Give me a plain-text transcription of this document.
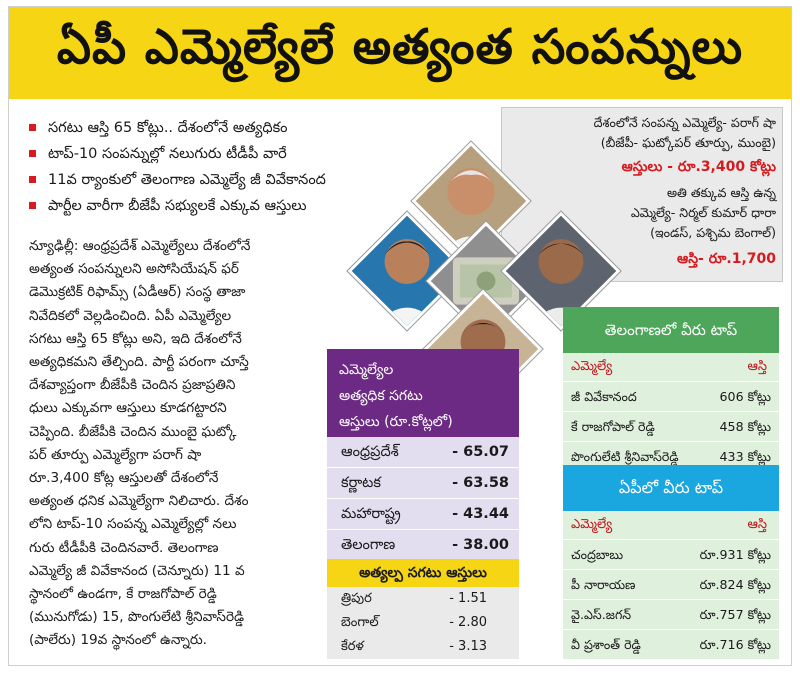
ఏపీ ఎమ్మెల్యేలే అత్యంత సంపన్నులు
సగటు ఆస్తి 65 కోట్లు.. దేశంలోనే అత్యధికం
టాప్‌-10 సంపన్నుల్లో నలుగురు టీడీపీ వారే
11వ ర్యాంకులో తెలంగాణ ఎమ్మెల్యే జీ వివేకానంద
పార్టీల వారీగా బీజేపీ సభ్యులకే ఎక్కువ ఆస్తులు
న్యూఢిల్లీ: ఆంధ్రప్రదేశ్‌ ఎమ్మెల్యేలు దేశంలోనే
అత్యంత సంపన్నులని అసోసియేషన్‌ ఫర్‌
డెమొక్రటిక్‌ రిఫామ్స్‌ (ఏడీఆర్‌) సంస్థ తాజా
నివేదికలో వెల్లడించింది. ఏపీ ఎమ్మెల్యేల
సగటు ఆస్తి 65 కోట్లు అని, ఇది దేశంలోనే
అత్యధికమని తేల్చింది. పార్టీ పరంగా చూస్తే
దేశవ్యాప్తంగా బీజేపీకి చెందిన ప్రజాప్రతిని
ధులు ఎక్కువగా ఆస్తులు కూడగట్టారని
చెప్పింది. బీజేపీకి చెందిన ముంబై ఘట్కో
పర్‌ తూర్పు ఎమ్మెల్యేగా పరాగ్‌ షా
రూ.3,400 కోట్ల ఆస్తులతో దేశంలోనే
అత్యంత ధనిక ఎమ్మెల్యేగా నిలిచారు. దేశం
లోని టాప్‌-10 సంపన్న ఎమ్మెల్యేల్లో నలు
గురు టీడీపీకి చెందినవారే. తెలంగాణ
ఎమ్మెల్యే జీ వివేకానంద (చెన్నూరు) 11 వ
స్థానంలో ఉండగా, కే రాజగోపాల్‌ రెడ్డి
(మునుగోడు) 15, పొంగులేటి శ్రీనివాస్‌రెడ్డి
(పాలేరు) 19వ స్థానంలో ఉన్నారు.
దేశంలోనే సంపన్న ఎమ్మెల్యే- పరాగ్‌ షా
(బీజేపీ- ఘట్కోపర్‌ తూర్పు, ముంబై)
ఆస్తులు - రూ.3,400 కోట్లు
అతి తక్కువ ఆస్తి ఉన్న
ఎమ్మెల్యే- నిర్మల్‌ కుమార్‌ ధారా
(ఇండస్‌, పశ్చిమ బెంగాల్‌)
ఆస్తి- రూ.1,700
ఎమ్మెల్యేల
అత్యధిక సగటు
ఆస్తులు (రూ.కోట్లలో)
ఆంధ్రప్రదేశ్‌	- 65.07
కర్ణాటక	- 63.58
మహారాష్ట్ర	- 43.44
తెలంగాణ	- 38.00
అత్యల్ప సగటు ఆస్తులు
త్రిపుర	- 1.51
బెంగాల్‌	- 2.80
కేరళ	- 3.13
తెలంగాణలో వీరు టాప్‌
ఎమ్మెల్యే	ఆస్తి
జీ వివేకానంద	606 కోట్లు
కే రాజగోపాల్‌ రెడ్డి	458 కోట్లు
పొంగులేటి శ్రీనివాస్‌రెడ్డి	433 కోట్లు
ఏపీలో వీరు టాప్‌
ఎమ్మెల్యే	ఆస్తి
చంద్రబాబు	రూ.931 కోట్లు
పీ నారాయణ	రూ.824 కోట్లు
వై.ఎస్‌.జగన్‌	రూ.757 కోట్లు
వీ ప్రశాంత్‌ రెడ్డి	రూ.716 కోట్లు
